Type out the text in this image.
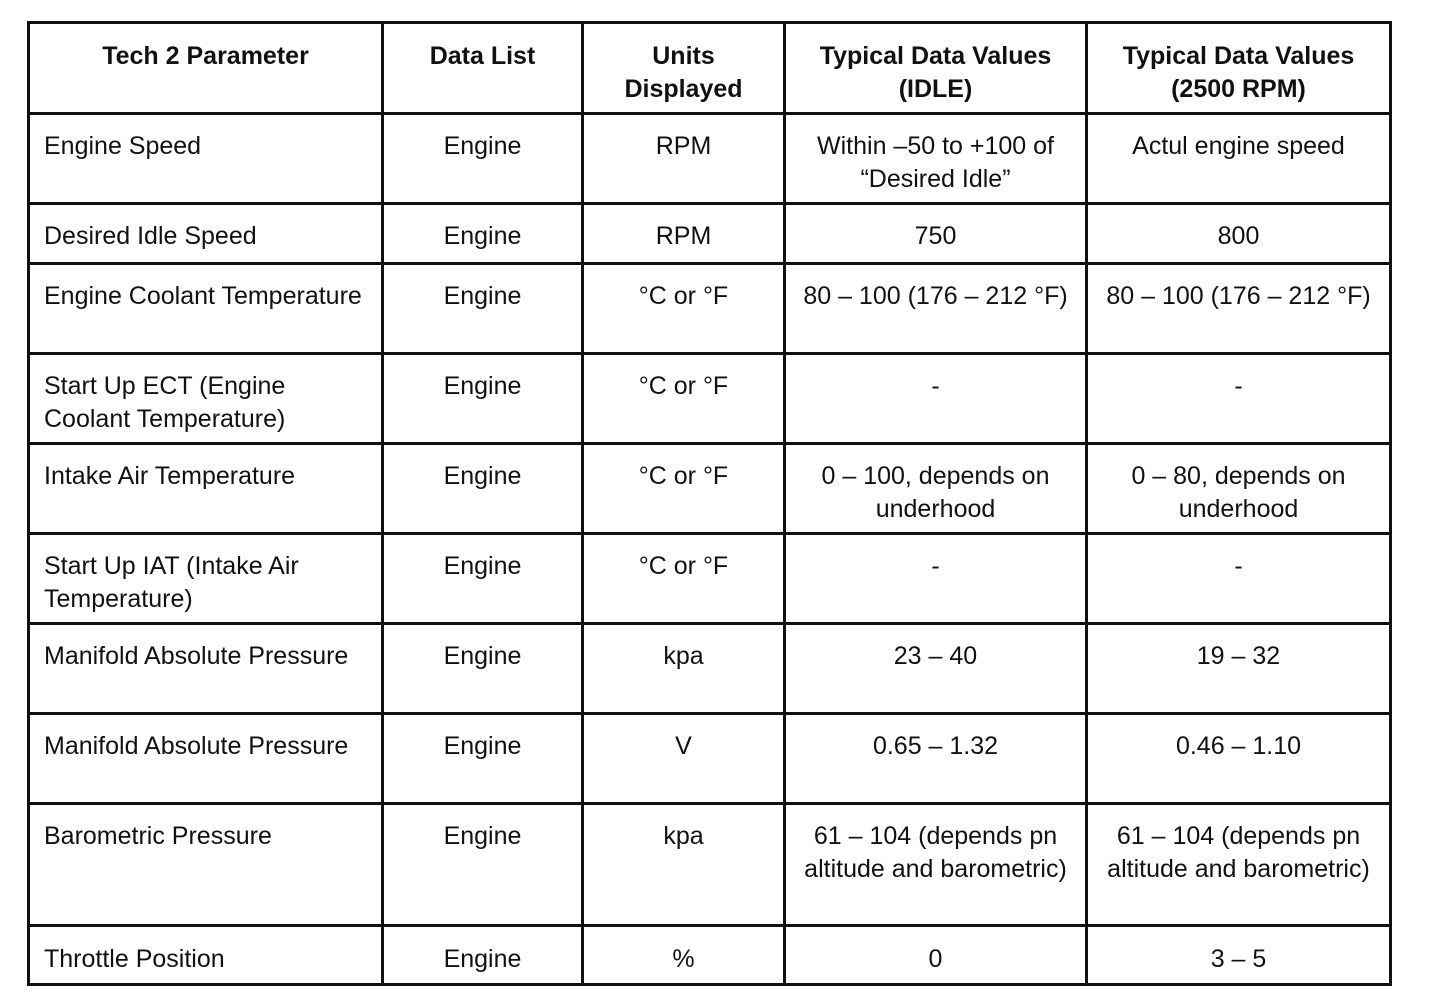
Tech 2 Parameter	Data List	Units Displayed	Typical Data Values (IDLE)	Typical Data Values (2500 RPM)
Engine Speed	Engine	RPM	Within –50 to +100 of “Desired Idle”	Actul engine speed
Desired Idle Speed	Engine	RPM	750	800
Engine Coolant Temperature	Engine	°C or °F	80 – 100 (176 – 212 °F)	80 – 100 (176 – 212 °F)
Start Up ECT (Engine Coolant Temperature)	Engine	°C or °F	-	-
Intake Air Temperature	Engine	°C or °F	0 – 100, depends on underhood	0 – 80, depends on underhood
Start Up IAT (Intake Air Temperature)	Engine	°C or °F	-	-
Manifold Absolute Pressure	Engine	kpa	23 – 40	19 – 32
Manifold Absolute Pressure	Engine	V	0.65 – 1.32	0.46 – 1.10
Barometric Pressure	Engine	kpa	61 – 104 (depends pn altitude and barometric)	61 – 104 (depends pn altitude and barometric)
Throttle Position	Engine	%	0	3 – 5
